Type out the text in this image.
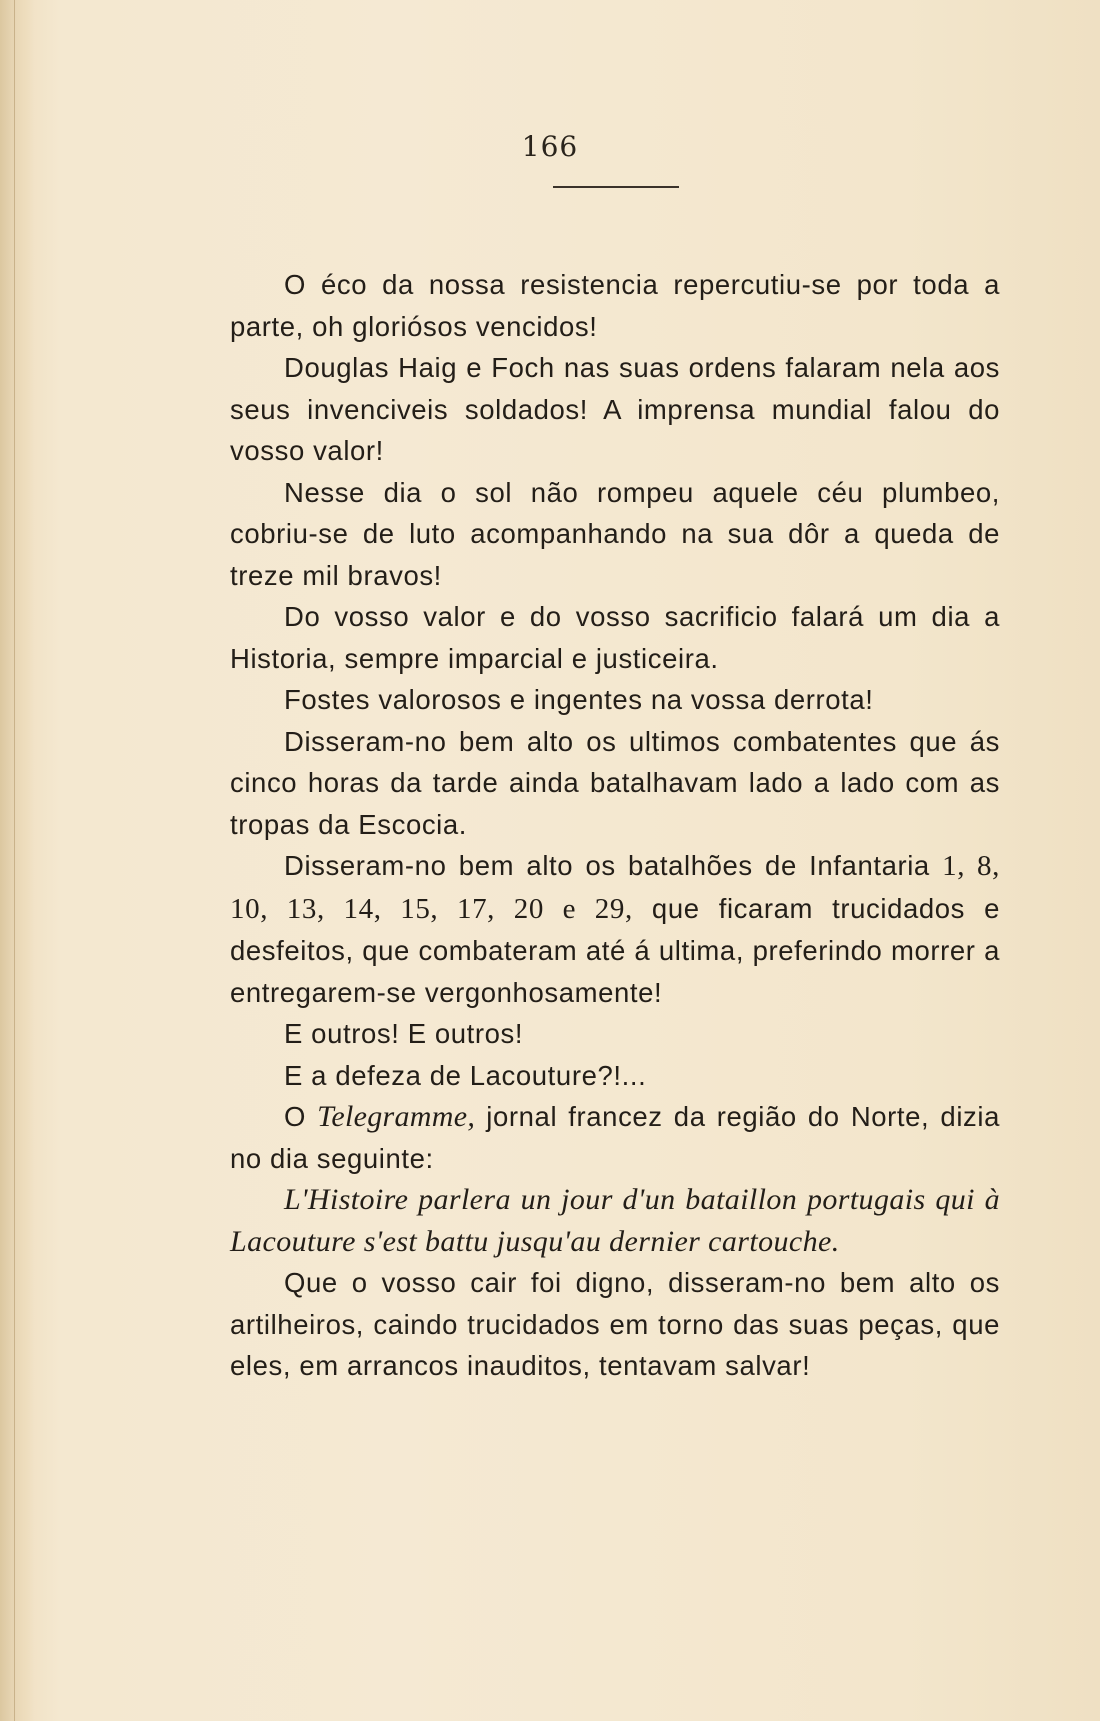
166

O éco da nossa resistencia repercutiu-se por toda a parte, oh gloriósos vencidos!

Douglas Haig e Foch nas suas ordens falaram nela aos seus invenciveis soldados! A imprensa mundial falou do vosso valor!

Nesse dia o sol não rompeu aquele céu plumbeo, cobriu-se de luto acompanhando na sua dôr a queda de treze mil bravos!

Do vosso valor e do vosso sacrificio falará um dia a Historia, sempre imparcial e justiceira.

Fostes valorosos e ingentes na vossa derrota!

Disseram-no bem alto os ultimos combatentes que ás cinco horas da tarde ainda batalhavam lado a lado com as tropas da Escocia.

Disseram-no bem alto os batalhões de Infantaria 1, 8, 10, 13, 14, 15, 17, 20 e 29, que ficaram trucidados e desfeitos, que combateram até á ultima, preferindo morrer a entregarem-se vergonhosamente!

E outros! E outros!

E a defeza de Lacouture?!...

O Telegramme, jornal francez da região do Norte, dizia no dia seguinte:

L'Histoire parlera un jour d'un bataillon portugais qui à Lacouture s'est battu jusqu'au dernier cartouche.

Que o vosso cair foi digno, disseram-no bem alto os artilheiros, caindo trucidados em torno das suas peças, que eles, em arrancos inauditos, tentavam salvar!
